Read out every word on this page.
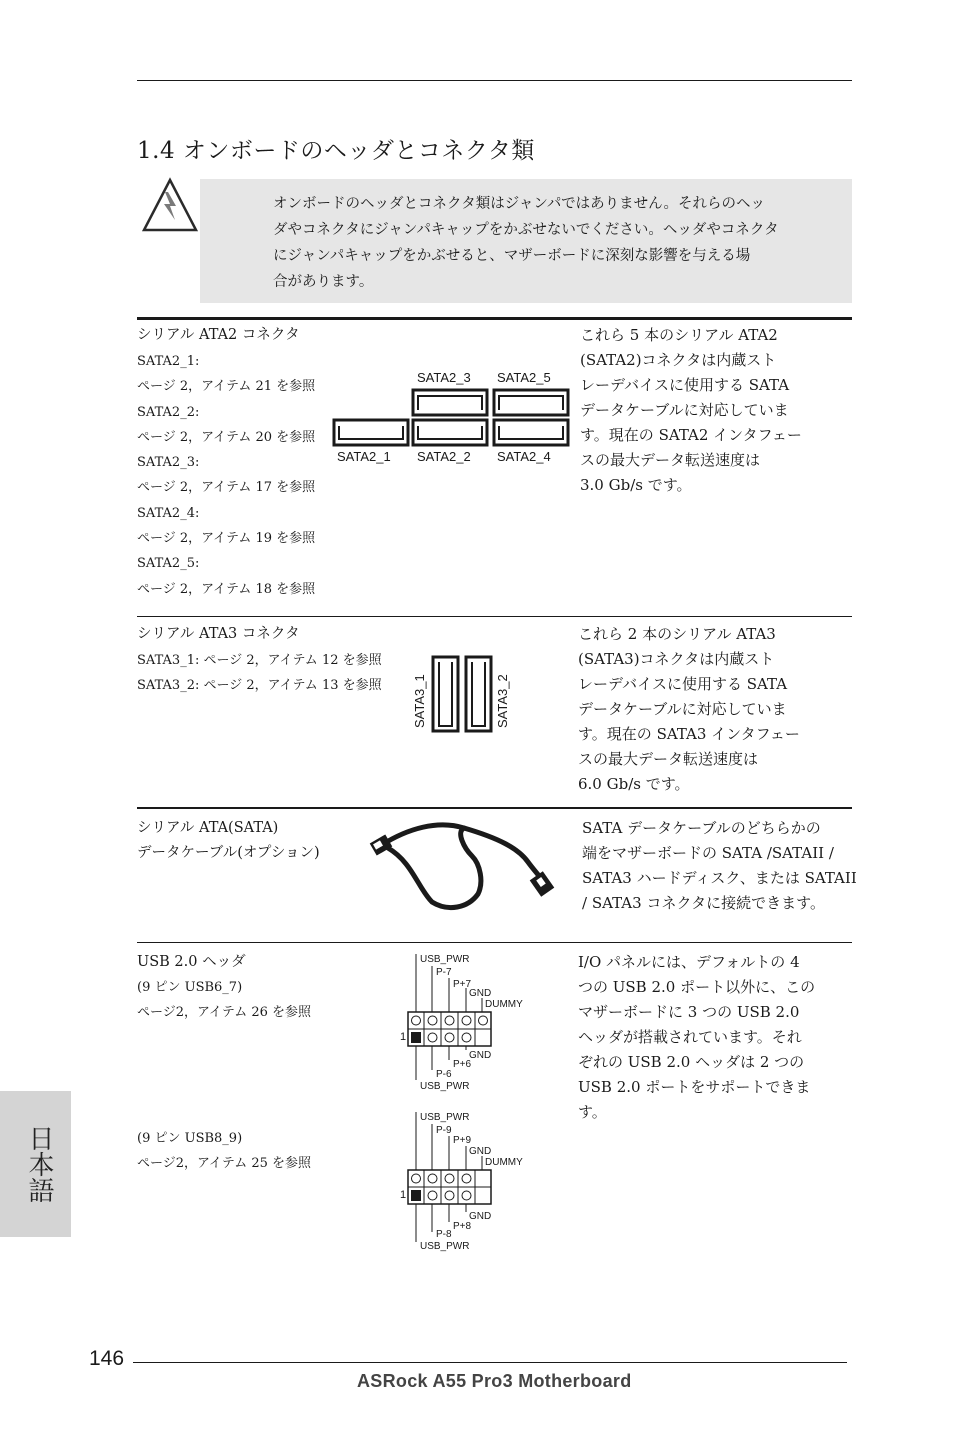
1.4 オンボードのヘッダとコネクタ類
オンボードのヘッダとコネクタ類はジャンパではありません。それらのヘッ
ダやコネクタにジャンパキャップをかぶせないでください。ヘッダやコネクタ
にジャンパキャップをかぶせると、マザーボードに深刻な影響を与える場
合があります。
シリアル ATA2 コネクタ
SATA2_1:
ページ 2，アイテム 21 を参照
SATA2_2:
ページ 2，アイテム 20 を参照
SATA2_3:
ページ 2，アイテム 17 を参照
SATA2_4:
ページ 2，アイテム 19 を参照
SATA2_5:
ページ 2，アイテム 18 を参照
SATA2_3 SATA2_5
SATA2_1 SATA2_2 SATA2_4
これら 5 本のシリアル ATA2
(SATA2)コネクタは内蔵スト
レーデバイスに使用する SATA
データケーブルに対応していま
す。現在の SATA2 インタフェー
スの最大データ転送速度は
3.0 Gb/s です。
シリアル ATA3 コネクタ
SATA3_1: ページ 2，アイテム 12 を参照
SATA3_2: ページ 2，アイテム 13 を参照 SATA3_1	SATA3_2
これら 2 本のシリアル ATA3
(SATA3)コネクタは内蔵スト
レーデバイスに使用する SATA
データケーブルに対応していま
す。現在の SATA3 インタフェー
スの最大データ転送速度は
6.0 Gb/s です。
シリアル ATA(SATA)
データケーブル(オプション)
SATA データケーブルのどちらかの
端をマザーボードの SATA /SATAII /
SATA3 ハードディスク、または SATAII
/ SATA3 コネクタに接続できます。
USB 2.0 ヘッダ
(9 ピン USB6_7)
ページ2，アイテム 26 を参照
(9 ピン USB8_9)
ページ2，アイテム 25 を参照
USB_PWR
P-7
P+7
GND
DUMMY
GND
P+6
P-6
USB_PWR
1
USB_PWR
P-9
P+9
GND
DUMMY
GND
P+8
P-8
USB_PWR
1
I/O パネルには、デフォルトの 4
つの USB 2.0 ポート以外に、この
マザーボードに 3 つの USB 2.0
ヘッダが搭載されています。それ
ぞれの USB 2.0 ヘッダは 2 つの
USB 2.0 ポートをサポートできま
す。
日本語
146
ASRock A55 Pro3 Motherboard
